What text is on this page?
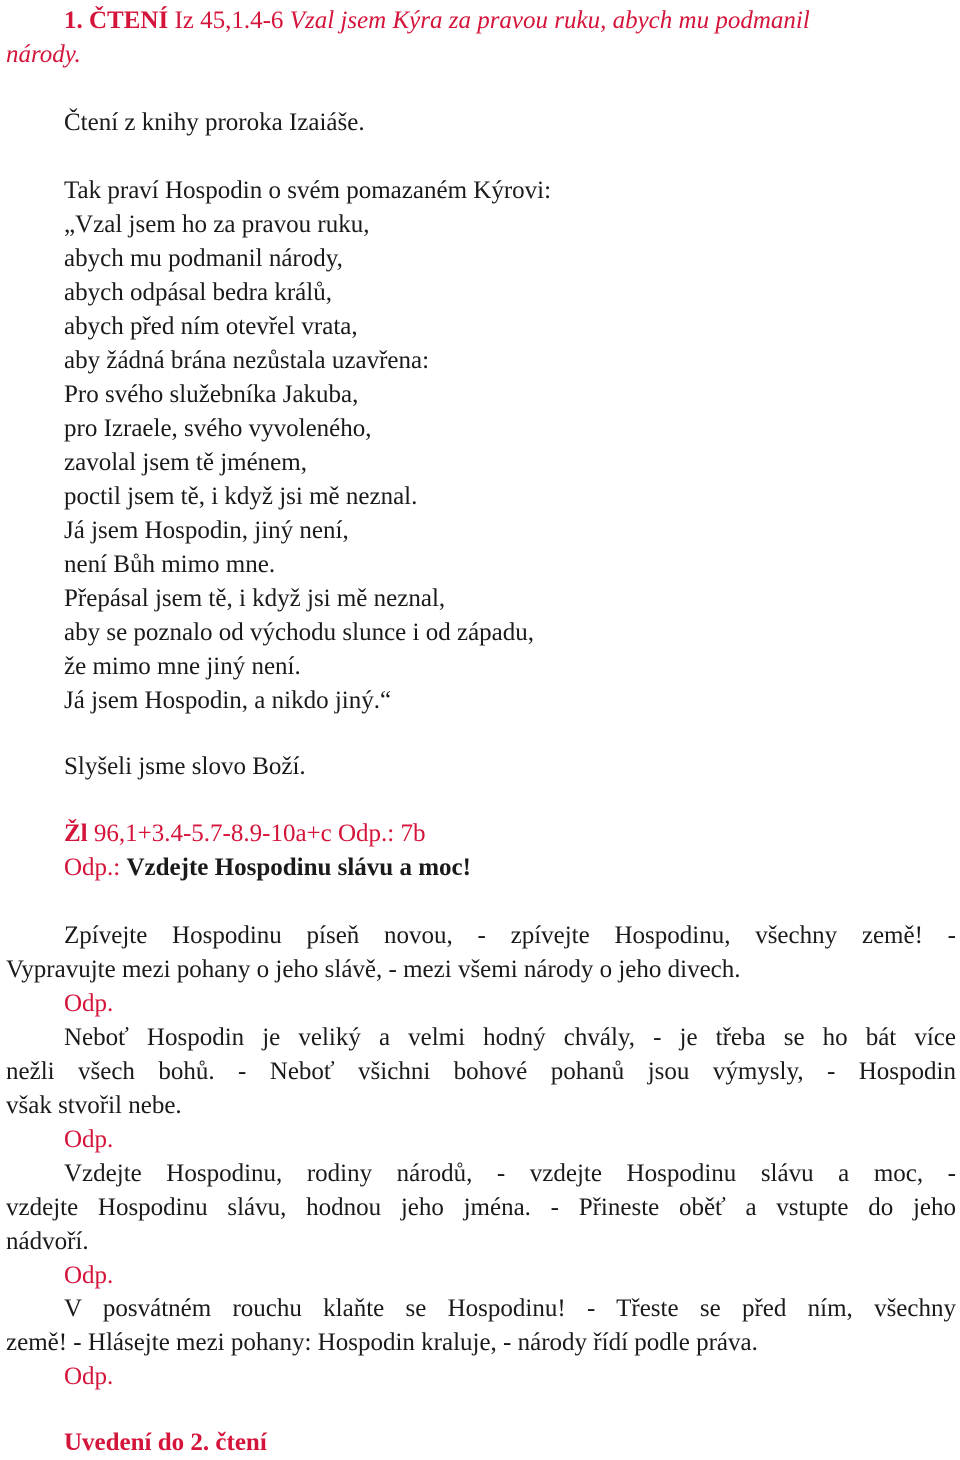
1. ČTENÍ Iz 45,1.4-6 Vzal jsem Kýra za pravou ruku, abych mu podmanil
národy.
Čtení z knihy proroka Izaiáše.
Tak praví Hospodin o svém pomazaném Kýrovi:
„Vzal jsem ho za pravou ruku,
abych mu podmanil národy,
abych odpásal bedra králů,
abych před ním otevřel vrata,
aby žádná brána nezůstala uzavřena:
Pro svého služebníka Jakuba,
pro Izraele, svého vyvoleného,
zavolal jsem tě jménem,
poctil jsem tě, i když jsi mě neznal.
Já jsem Hospodin, jiný není,
není Bůh mimo mne.
Přepásal jsem tě, i když jsi mě neznal,
aby se poznalo od východu slunce i od západu,
že mimo mne jiný není.
Já jsem Hospodin, a nikdo jiný.“
Slyšeli jsme slovo Boží.
Žl 96,1+3.4-5.7-8.9-10a+c Odp.: 7b
Odp.: Vzdejte Hospodinu slávu a moc!
Zpívejte Hospodinu píseň novou, - zpívejte Hospodinu, všechny země! -
Vypravujte mezi pohany o jeho slávě, - mezi všemi národy o jeho divech.
Odp.
Neboť Hospodin je veliký a velmi hodný chvály, - je třeba se ho bát více
nežli všech bohů. - Neboť všichni bohové pohanů jsou výmysly, - Hospodin
však stvořil nebe.
Odp.
Vzdejte Hospodinu, rodiny národů, - vzdejte Hospodinu slávu a moc, -
vzdejte Hospodinu slávu, hodnou jeho jména. - Přineste oběť a vstupte do jeho
nádvoří.
Odp.
V posvátném rouchu klaňte se Hospodinu! - Třeste se před ním, všechny
země! - Hlásejte mezi pohany: Hospodin kraluje, - národy řídí podle práva.
Odp.
Uvedení do 2. čtení
